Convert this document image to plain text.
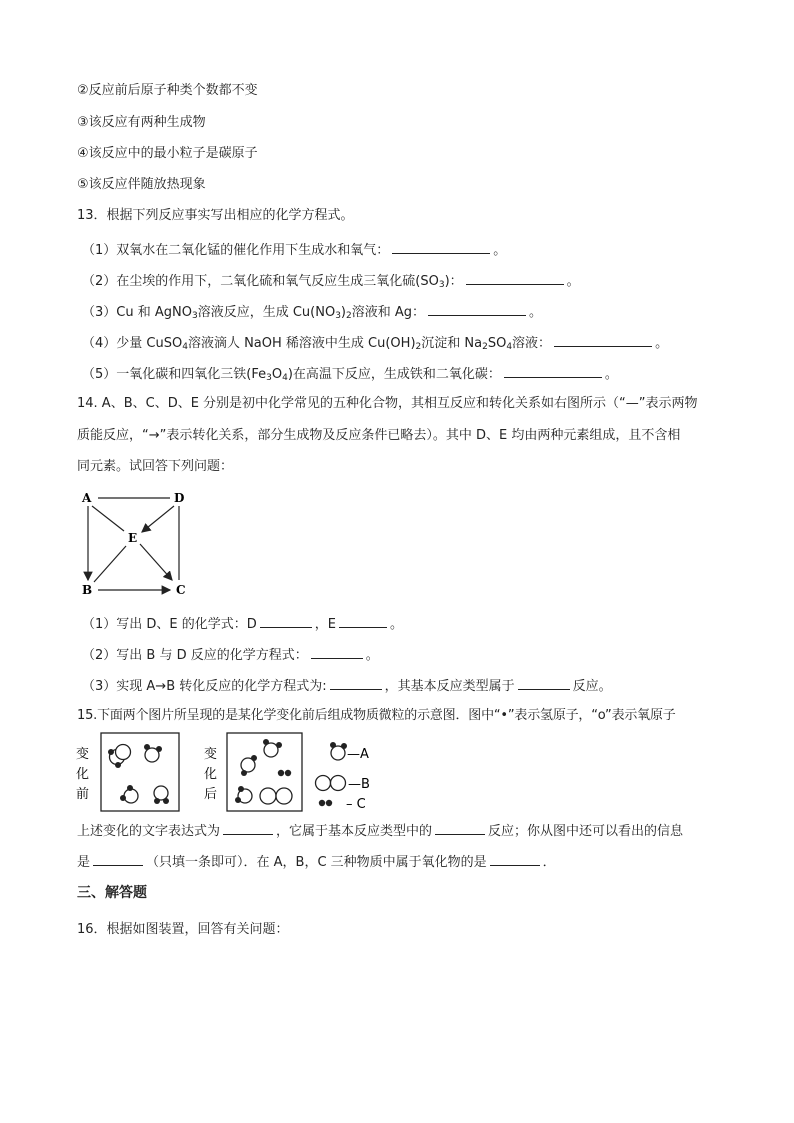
②反应前后原子种类个数都不变
③该反应有两种生成物
④该反应中的最小粒子是碳原子
⑤该反应伴随放热现象
13．根据下列反应事实写出相应的化学方程式。
（1）双氧水在二氧化锰的催化作用下生成水和氧气：	。
（2）在尘埃的作用下，二氧化硫和氧气反应生成三氧化硫$(SO_3)$：	。
（3）Cu 和 AgNO$_3$溶液反应，生成 $Cu(NO_3)_2$溶液和 Ag：	。
（4）少量 CuSO$_4$溶液滴人 NaOH 稀溶液中生成 $Cu(OH)_2$沉淀和 $Na_2SO_4$溶液：	。
（5）一氧化碳和四氧化三铁$(Fe_3O_4)$在高温下反应，生成铁和二氧化碳：	。
14. A、B、C、D、E 分别是初中化学常见的五种化合物，其相互反应和转化关系如右图所示（“—”表示两物
质能反应，“→”表示转化关系，部分生成物及反应条件已略去）。其中 D、E 均由两种元素组成，且不含相
同元素。试回答下列问题：
A	D
E
B	C
（1）写出 D、E 的化学式：D	，E	。
（2）写出 B 与 D 反应的化学方程式：	。
（3）实现 A→B 转化反应的化学方程式为:	，其基本反应类型属于	反应。
15.下面两个图片所呈现的是某化学变化前后组成物质微粒的示意图．图中“•”表示氢原子，“o”表示氧原子
变
化
前
变
化
后
—A
—B
– C
上述变化的文字表达式为	，它属于基本反应类型中的	反应；你从图中还可以看出的信息
是	（只填一条即可）．在 A，B，C 三种物质中属于氧化物的是	．
三、解答题
16．根据如图装置，回答有关问题：
